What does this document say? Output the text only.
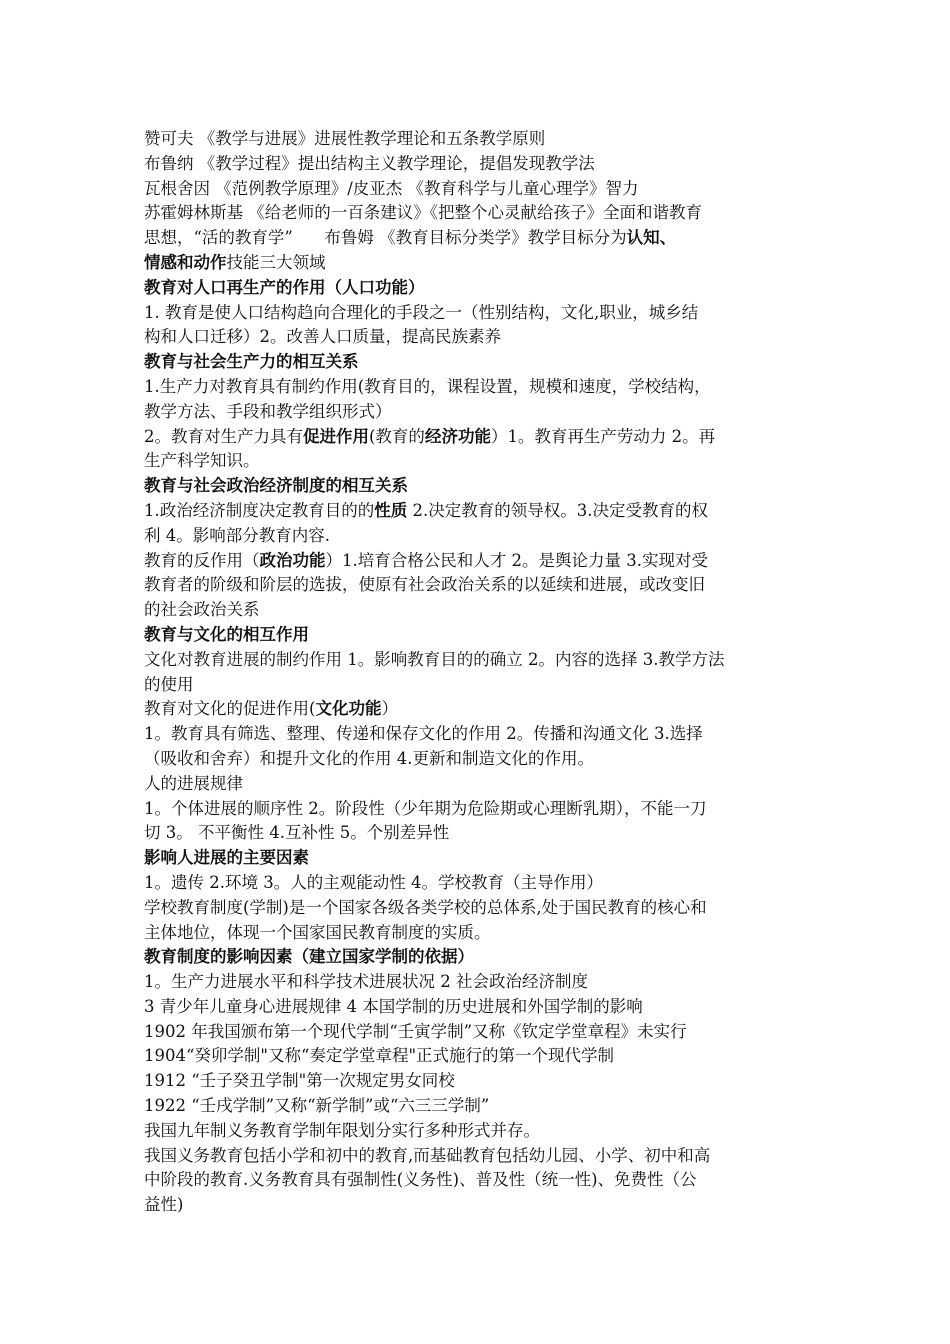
赞可夫 《教学与进展》进展性教学理论和五条教学原则
布鲁纳 《教学过程》提出结构主义教学理论，提倡发现教学法
瓦根舍因 《范例教学原理》/皮亚杰 《教育科学与儿童心理学》智力
苏霍姆林斯基 《给老师的一百条建议》《把整个心灵献给孩子》全面和谐教育
思想，“活的教育学”      布鲁姆 《教育目标分类学》教学目标分为认知、
情感和动作技能三大领域
教育对人口再生产的作用（人口功能）
1. 教育是使人口结构趋向合理化的手段之一（性别结构，文化,职业，城乡结
构和人口迁移）2。改善人口质量，提高民族素养
教育与社会生产力的相互关系
1.生产力对教育具有制约作用(教育目的，课程设置，规模和速度，学校结构，
教学方法、手段和教学组织形式）
2。教育对生产力具有促进作用(教育的经济功能）1。教育再生产劳动力 2。再
生产科学知识。
教育与社会政治经济制度的相互关系
1.政治经济制度决定教育目的的性质 2.决定教育的领导权。3.决定受教育的权
利 4。影响部分教育内容.
教育的反作用（政治功能）1.培育合格公民和人才 2。是舆论力量 3.实现对受
教育者的阶级和阶层的选拔，使原有社会政治关系的以延续和进展，或改变旧
的社会政治关系
教育与文化的相互作用
文化对教育进展的制约作用 1。影响教育目的的确立 2。内容的选择 3.教学方法
的使用
教育对文化的促进作用(文化功能）
1。教育具有筛选、整理、传递和保存文化的作用 2。传播和沟通文化 3.选择
（吸收和舍弃）和提升文化的作用 4.更新和制造文化的作用。
人的进展规律
1。个体进展的顺序性 2。阶段性（少年期为危险期或心理断乳期），不能一刀
切 3。 不平衡性 4.互补性 5。个别差异性
影响人进展的主要因素
1。遗传 2.环境 3。人的主观能动性 4。学校教育（主导作用）
学校教育制度(学制)是一个国家各级各类学校的总体系,处于国民教育的核心和
主体地位，体现一个国家国民教育制度的实质。
教育制度的影响因素（建立国家学制的依据）
1。生产力进展水平和科学技术进展状况 2 社会政治经济制度
3 青少年儿童身心进展规律 4 本国学制的历史进展和外国学制的影响
1902 年我国颁布第一个现代学制“壬寅学制”又称《钦定学堂章程》未实行
1904“癸卯学制"又称“奏定学堂章程"正式施行的第一个现代学制
1912 “壬子癸丑学制"第一次规定男女同校
1922 “壬戌学制”又称“新学制”或“六三三学制”
我国九年制义务教育学制年限划分实行多种形式并存。
我国义务教育包括小学和初中的教育,而基础教育包括幼儿园、小学、初中和高
中阶段的教育.义务教育具有强制性(义务性)、普及性（统一性)、免费性（公
益性)
